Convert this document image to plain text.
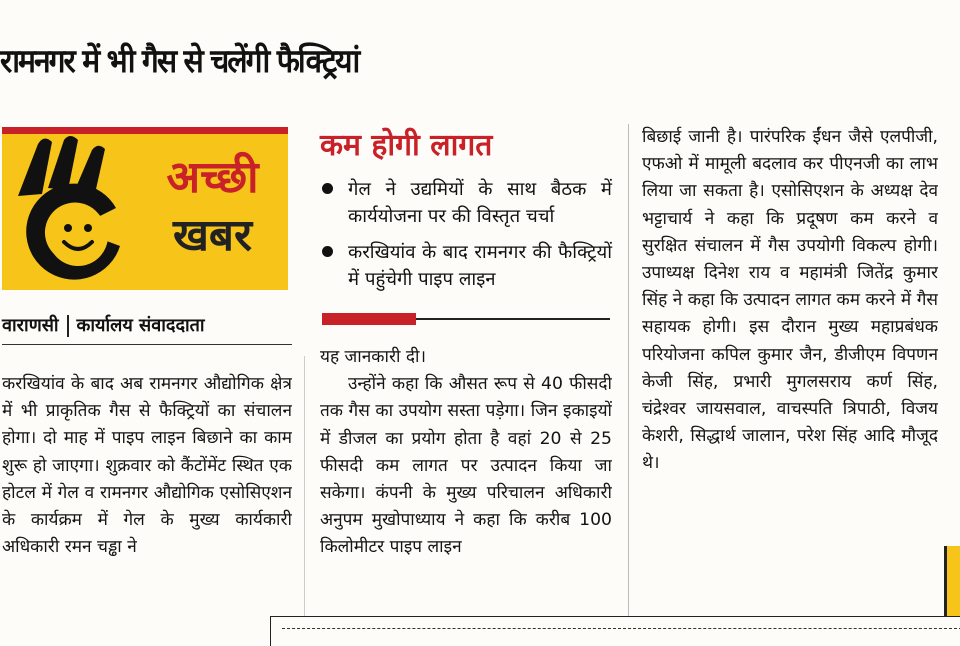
रामनगर में भी गैस से चलेंगी फैक्ट्रियां
अच्छी
खबर
वाराणसी कार्यालय संवाददाता

करखियांव के बाद अब रामनगर औद्योगिक क्षेत्र में भी प्राकृतिक गैस से फैक्ट्रियों का संचालन होगा। दो माह में पाइप लाइन बिछाने का काम शुरू हो जाएगा। शुक्रवार को कैंटोंमेंट स्थित एक होटल में गेल व रामनगर औद्योगिक एसोसिएशन के कार्यक्रम में गेल के मुख्य कार्यकारी अधिकारी रमन चड्ढा ने

कम होगी लागत
गेल ने उद्यमियों के साथ बैठक में कार्ययोजना पर की विस्तृत चर्चा
करखियांव के बाद रामनगर की फैक्ट्रियों में पहुंचेगी पाइप लाइन

यह जानकारी दी।

उन्होंने कहा कि औसत रूप से 40 फीसदी तक गैस का उपयोग सस्ता पड़ेगा। जिन इकाइयों में डीजल का प्रयोग होता है वहां 20 से 25 फीसदी कम लागत पर उत्पादन किया जा सकेगा। कंपनी के मुख्य परिचालन अधिकारी अनुपम मुखोपाध्याय ने कहा कि करीब 100 किलोमीटर पाइप लाइन

बिछाई जानी है। पारंपरिक ईंधन जैसे एलपीजी, एफओ में मामूली बदलाव कर पीएनजी का लाभ लिया जा सकता है। एसोसिएशन के अध्यक्ष देव भट्टाचार्य ने कहा कि प्रदूषण कम करने व सुरक्षित संचालन में गैस उपयोगी विकल्प होगी। उपाध्यक्ष दिनेश राय व महामंत्री जितेंद्र कुमार सिंह ने कहा कि उत्पादन लागत कम करने में गैस सहायक होगी। इस दौरान मुख्य महाप्रबंधक परियोजना कपिल कुमार जैन, डीजीएम विपणन केजी सिंह, प्रभारी मुगलसराय कर्ण सिंह, चंद्रेश्वर जायसवाल, वाचस्पति त्रिपाठी, विजय केशरी, सिद्धार्थ जालान, परेश सिंह आदि मौजूद थे।
